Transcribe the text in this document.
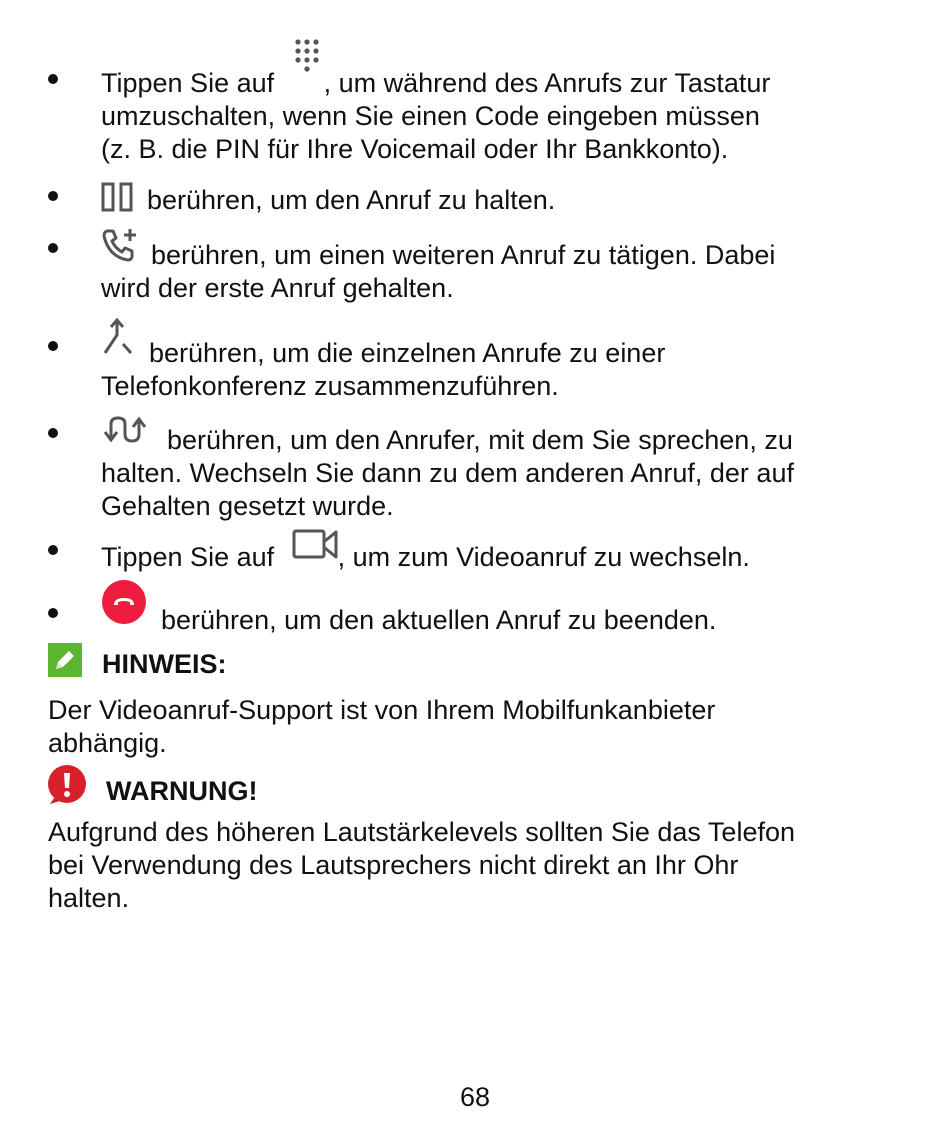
Tippen Sie auf , um während des Anrufs zur Tastatur
umzuschalten, wenn Sie einen Code eingeben müssen
(z. B. die PIN für Ihre Voicemail oder Ihr Bankkonto).

berühren, um den Anruf zu halten.

berühren, um einen weiteren Anruf zu tätigen. Dabei
wird der erste Anruf gehalten.

berühren, um die einzelnen Anrufe zu einer
Telefonkonferenz zusammenzuführen.

berühren, um den Anrufer, mit dem Sie sprechen, zu
halten. Wechseln Sie dann zu dem anderen Anruf, der auf
Gehalten gesetzt wurde.

Tippen Sie auf , um zum Videoanruf zu wechseln.

berühren, um den aktuellen Anruf zu beenden.

HINWEIS:

Der Videoanruf-Support ist von Ihrem Mobilfunkanbieter
abhängig.

WARNUNG!

Aufgrund des höheren Lautstärkelevels sollten Sie das Telefon
bei Verwendung des Lautsprechers nicht direkt an Ihr Ohr
halten.

68
